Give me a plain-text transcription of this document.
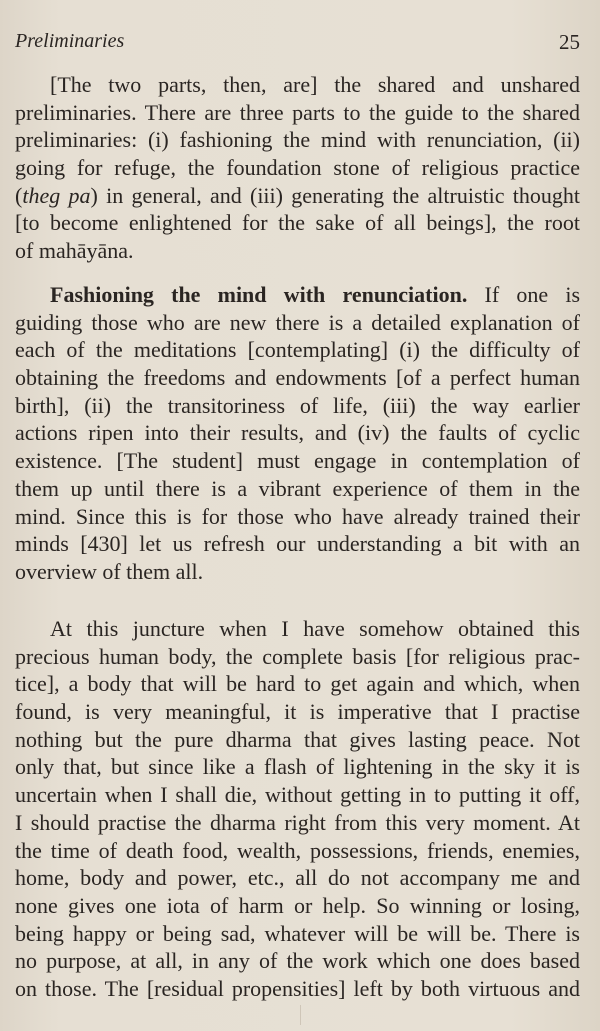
Preliminaries	25
[The two parts, then, are] the shared and unshared
preliminaries. There are three parts to the guide to the shared
preliminaries: (i) fashioning the mind with renunciation, (ii)
going for refuge, the foundation stone of religious practice
(theg pa) in general, and (iii) generating the altruistic thought
[to become enlightened for the sake of all beings], the root
of mahāyāna.
Fashioning the mind with renunciation. If one is
guiding those who are new there is a detailed explanation of
each of the meditations [contemplating] (i) the difficulty of
obtaining the freedoms and endowments [of a perfect human
birth], (ii) the transitoriness of life, (iii) the way earlier
actions ripen into their results, and (iv) the faults of cyclic
existence. [The student] must engage in contemplation of
them up until there is a vibrant experience of them in the
mind. Since this is for those who have already trained their
minds [430] let us refresh our understanding a bit with an
overview of them all.
At this juncture when I have somehow obtained this
precious human body, the complete basis [for religious prac-
tice], a body that will be hard to get again and which, when
found, is very meaningful, it is imperative that I practise
nothing but the pure dharma that gives lasting peace. Not
only that, but since like a flash of lightening in the sky it is
uncertain when I shall die, without getting in to putting it off,
I should practise the dharma right from this very moment. At
the time of death food, wealth, possessions, friends, enemies,
home, body and power, etc., all do not accompany me and
none gives one iota of harm or help. So winning or losing,
being happy or being sad, whatever will be will be. There is
no purpose, at all, in any of the work which one does based
on those. The [residual propensities] left by both virtuous and
